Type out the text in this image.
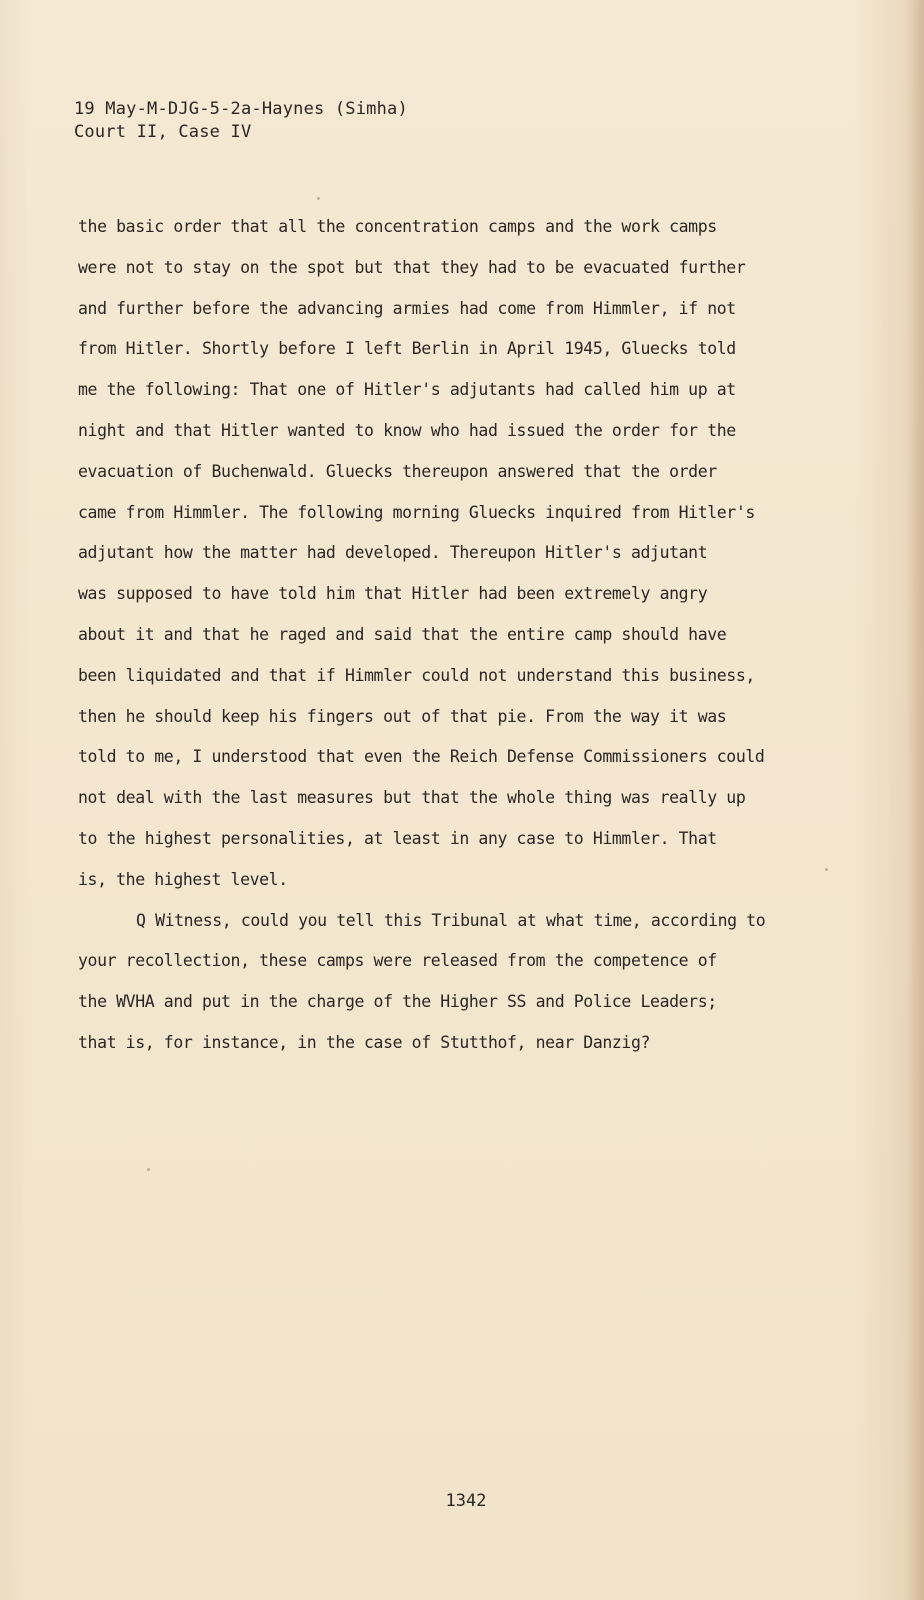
19 May-M-DJG-5-2a-Haynes (Simha)
Court II, Case IV
the basic order that all the concentration camps and the work camps
were not to stay on the spot but that they had to be evacuated further
and further before the advancing armies had come from Himmler, if not
from Hitler. Shortly before I left Berlin in April 1945, Gluecks told
me the following: That one of Hitler's adjutants had called him up at
night and that Hitler wanted to know who had issued the order for the
evacuation of Buchenwald. Gluecks thereupon answered that the order
came from Himmler. The following morning Gluecks inquired from Hitler's
adjutant how the matter had developed. Thereupon Hitler's adjutant
was supposed to have told him that Hitler had been extremely angry
about it and that he raged and said that the entire camp should have
been liquidated and that if Himmler could not understand this business,
then he should keep his fingers out of that pie. From the way it was
told to me, I understood that even the Reich Defense Commissioners could
not deal with the last measures but that the whole thing was really up
to the highest personalities, at least in any case to Himmler. That
is, the highest level.
Q Witness, could you tell this Tribunal at what time, according to
your recollection, these camps were released from the competence of
the WVHA and put in the charge of the Higher SS and Police Leaders;
that is, for instance, in the case of Stutthof, near Danzig?
1342
